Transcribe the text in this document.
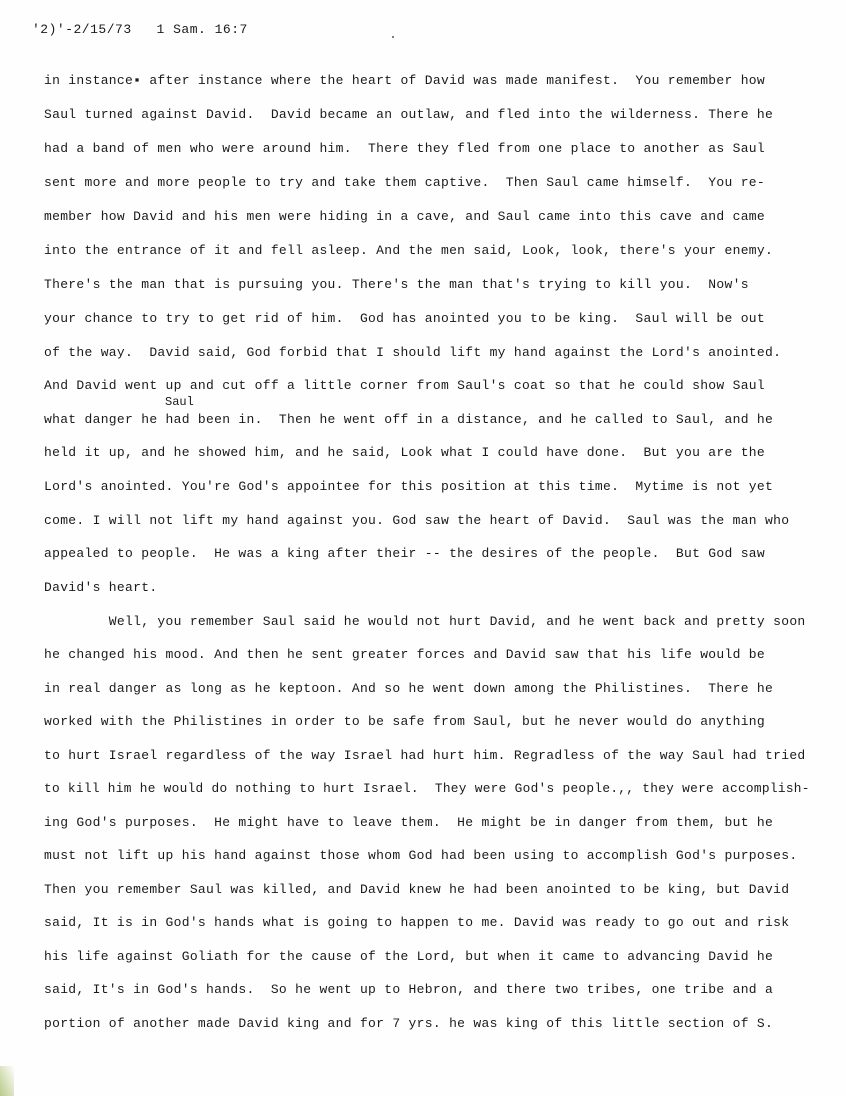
'2)'-2/15/73   1 Sam. 16:7
in instance▪ after instance where the heart of David was made manifest.  You remember how
Saul turned against David.  David became an outlaw, and fled into the wilderness. There he
had a band of men who were around him.  There they fled from one place to another as Saul
sent more and more people to try and take them captive.  Then Saul came himself.  You re-
member how David and his men were hiding in a cave, and Saul came into this cave and came
into the entrance of it and fell asleep. And the men said, Look, look, there's your enemy.
There's the man that is pursuing you. There's the man that's trying to kill you.  Now's
your chance to try to get rid of him.  God has anointed you to be king.  Saul will be out
of the way.  David said, God forbid that I should lift my hand against the Lord's anointed.
And David went up and cut off a little corner from Saul's coat so that he could show Saul
Saul
what danger he had been in.  Then he went off in a distance, and he called to Saul, and he
held it up, and he showed him, and he said, Look what I could have done.  But you are the
Lord's anointed. You're God's appointee for this position at this time.  Mytime is not yet
come. I will not lift my hand against you. God saw the heart of David.  Saul was the man who
appealed to people.  He was a king after their -- the desires of the people.  But God saw
David's heart.
Well, you remember Saul said he would not hurt David, and he went back and pretty soon
he changed his mood. And then he sent greater forces and David saw that his life would be
in real danger as long as he keptoon. And so he went down among the Philistines.  There he
worked with the Philistines in order to be safe from Saul, but he never would do anything
to hurt Israel regardless of the way Israel had hurt him. Regradless of the way Saul had tried
to kill him he would do nothing to hurt Israel.  They were God's people.,, they were accomplish-
ing God's purposes.  He might have to leave them.  He might be in danger from them, but he
must not lift up his hand against those whom God had been using to accomplish God's purposes.
Then you remember Saul was killed, and David knew he had been anointed to be king, but David
said, It is in God's hands what is going to happen to me. David was ready to go out and risk
his life against Goliath for the cause of the Lord, but when it came to advancing David he
said, It's in God's hands.  So he went up to Hebron, and there two tribes, one tribe and a
portion of another made David king and for 7 yrs. he was king of this little section of S.
